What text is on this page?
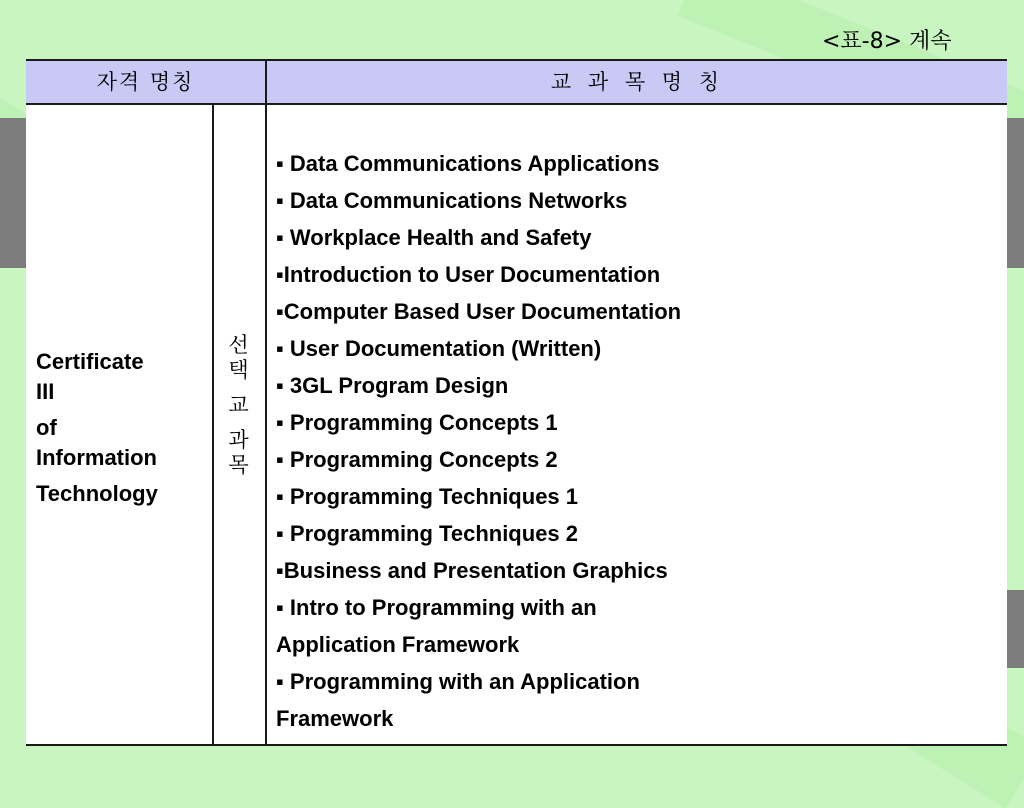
<표-8> 계속
자격 명칭	교 과 목 명 칭
Certificate
III
of
Information
Technology
선
택
교
과
목
▪ Data Communications Applications
▪ Data Communications Networks
▪ Workplace Health and Safety
▪Introduction to User Documentation
▪Computer Based User Documentation
▪ User Documentation (Written)
▪ 3GL Program Design
▪ Programming Concepts 1
▪ Programming Concepts 2
▪ Programming Techniques 1
▪ Programming Techniques 2
▪Business and Presentation Graphics
▪ Intro to Programming with an
Application Framework
▪ Programming with an Application
Framework
